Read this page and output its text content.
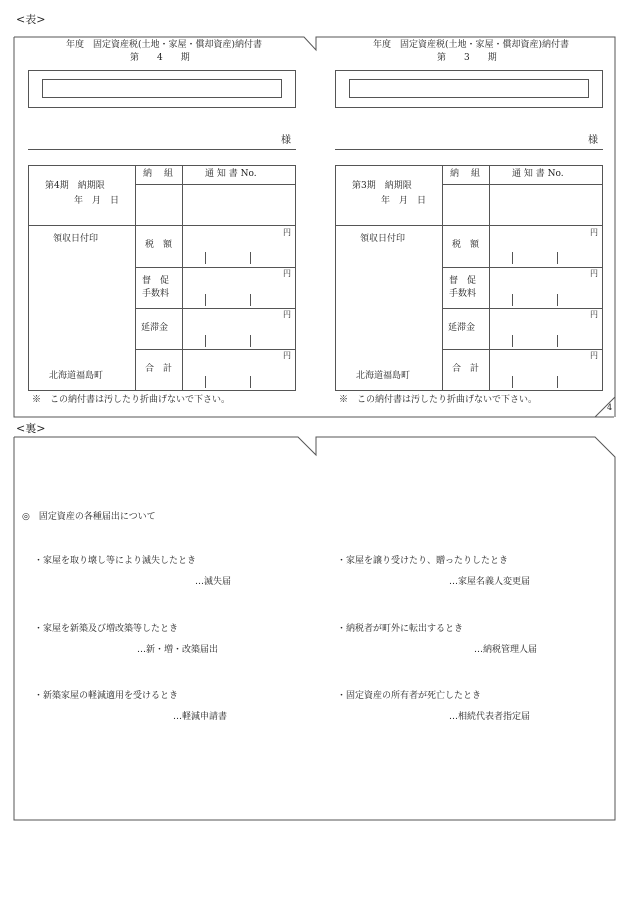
<表>
<裏>
4
年度　固定資産税(土地・家屋・償却資産)納付書
第　　4　　期
様
納 組	通 知 書 No.
第4期　納期限
年　月　日
領収日付印
北海道福島町
税　額
督　促
手数料
延滞金
合　計
円
円
円
円
※　この納付書は汚したり折曲げないで下さい。
年度　固定資産税(土地・家屋・償却資産)納付書
第　　3　　期
様
納 組	通 知 書 No.
第3期　納期限
年　月　日
領収日付印
北海道福島町
税　額
督　促
手数料
延滞金
合　計
円
円
円
円
※　この納付書は汚したり折曲げないで下さい。
◎　固定資産の各種届出について
・家屋を取り壊し等により滅失したとき
…滅失届
・家屋を譲り受けたり、贈ったりしたとき
…家屋名義人変更届
・家屋を新築及び増改築等したとき
…新・増・改築届出
・納税者が町外に転出するとき
…納税管理人届
・新築家屋の軽減適用を受けるとき
…軽減申請書
・固定資産の所有者が死亡したとき
…相続代表者指定届
